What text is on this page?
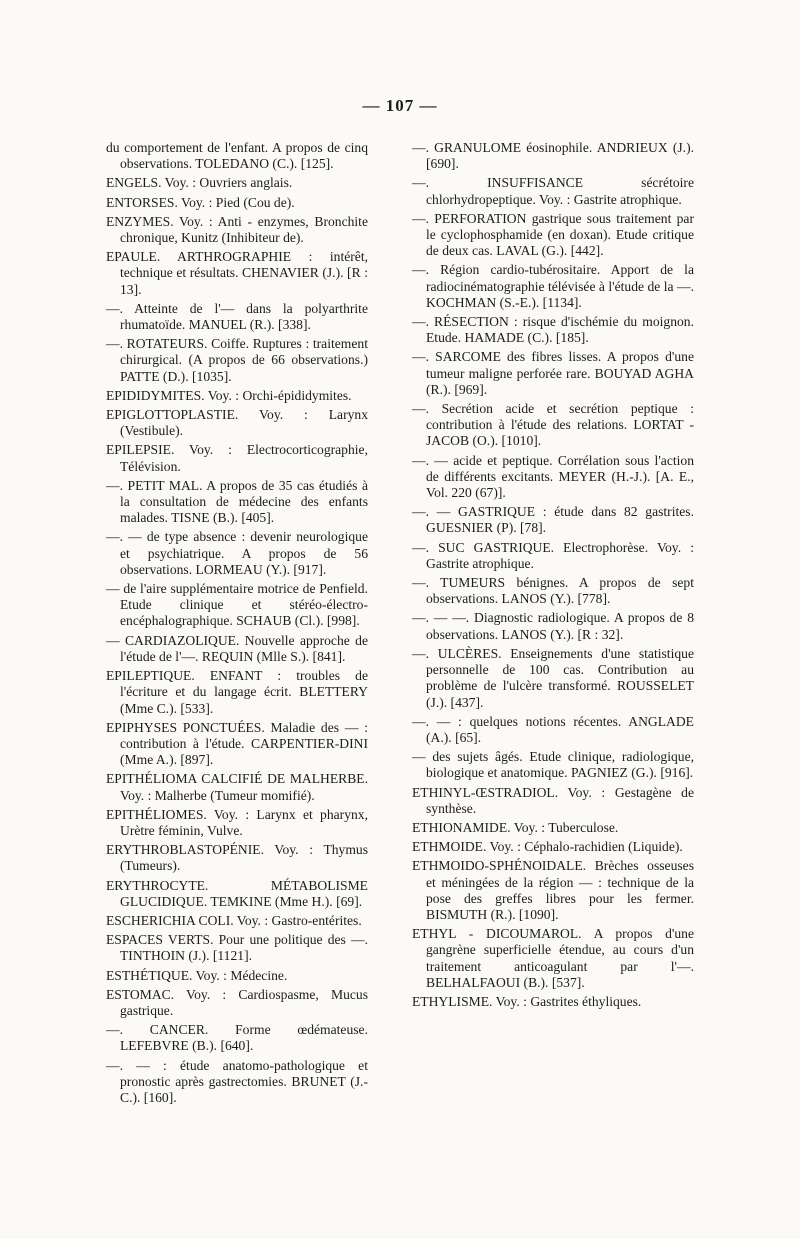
— 107 —

du comportement de l'enfant. A propos de cinq observations. TOLEDANO (C.). [125].

ENGELS. Voy. : Ouvriers anglais.

ENTORSES. Voy. : Pied (Cou de).

ENZYMES. Voy. : Anti - enzymes, Bronchite chronique, Kunitz (Inhibiteur de).

EPAULE. ARTHROGRAPHIE : intérêt, technique et résultats. CHENAVIER (J.). [R : 13].

—. Atteinte de l'— dans la polyarthrite rhumatoïde. MANUEL (R.). [338].

—. ROTATEURS. Coiffe. Ruptures : traitement chirurgical. (A propos de 66 observations.) PATTE (D.). [1035].

EPIDIDYMITES. Voy. : Orchi-épididymites.

EPIGLOTTOPLASTIE. Voy. : Larynx (Vestibule).

EPILEPSIE. Voy. : Electrocorticographie, Télévision.

—. PETIT MAL. A propos de 35 cas étudiés à la consultation de médecine des enfants malades. TISNE (B.). [405].

—. — de type absence : devenir neurologique et psychiatrique. A propos de 56 observations. LORMEAU (Y.). [917].

— de l'aire supplémentaire motrice de Penfield. Etude clinique et stéréo-électro-encéphalographique. SCHAUB (Cl.). [998].

— CARDIAZOLIQUE. Nouvelle approche de l'étude de l'—. REQUIN (Mlle S.). [841].

EPILEPTIQUE. ENFANT : troubles de l'écriture et du langage écrit. BLETTERY (Mme C.). [533].

EPIPHYSES PONCTUÉES. Maladie des — : contribution à l'étude. CARPENTIER-DINI (Mme A.). [897].

EPITHÉLIOMA CALCIFIÉ DE MALHERBE. Voy. : Malherbe (Tumeur momifié).

EPITHÉLIOMES. Voy. : Larynx et pharynx, Urètre féminin, Vulve.

ERYTHROBLASTOPÉNIE. Voy. : Thymus (Tumeurs).

ERYTHROCYTE. MÉTABOLISME GLUCIDIQUE. TEMKINE (Mme H.). [69].

ESCHERICHIA COLI. Voy. : Gastro-entérites.

ESPACES VERTS. Pour une politique des —. TINTHOIN (J.). [1121].

ESTHÉTIQUE. Voy. : Médecine.

ESTOMAC. Voy. : Cardiospasme, Mucus gastrique.

—. CANCER. Forme œdémateuse. LEFEBVRE (B.). [640].

—. — : étude anatomo-pathologique et pronostic après gastrectomies. BRUNET (J.-C.). [160].

—. GRANULOME éosinophile. ANDRIEUX (J.). [690].

—. INSUFFISANCE sécrétoire chlorhydropeptique. Voy. : Gastrite atrophique.

—. PERFORATION gastrique sous traitement par le cyclophosphamide (en doxan). Etude critique de deux cas. LAVAL (G.). [442].

—. Région cardio-tubérositaire. Apport de la radiocinématographie télévisée à l'étude de la —. KOCHMAN (S.-E.). [1134].

—. RÉSECTION : risque d'ischémie du moignon. Etude. HAMADE (C.). [185].

—. SARCOME des fibres lisses. A propos d'une tumeur maligne perforée rare. BOUYAD AGHA (R.). [969].

—. Secrétion acide et secrétion peptique : contribution à l'étude des relations. LORTAT - JACOB (O.). [1010].

—. — acide et peptique. Corrélation sous l'action de différents excitants. MEYER (H.-J.). [A. E., Vol. 220 (67)].

—. — GASTRIQUE : étude dans 82 gastrites. GUESNIER (P). [78].

—. SUC GASTRIQUE. Electrophorèse. Voy. : Gastrite atrophique.

—. TUMEURS bénignes. A propos de sept observations. LANOS (Y.). [778].

—. — —. Diagnostic radiologique. A propos de 8 observations. LANOS (Y.). [R : 32].

—. ULCÈRES. Enseignements d'une statistique personnelle de 100 cas. Contribution au problème de l'ulcère transformé. ROUSSELET (J.). [437].

—. — : quelques notions récentes. ANGLADE (A.). [65].

— des sujets âgés. Etude clinique, radiologique, biologique et anatomique. PAGNIEZ (G.). [916].

ETHINYL-ŒSTRADIOL. Voy. : Gestagène de synthèse.

ETHIONAMIDE. Voy. : Tuberculose.

ETHMOIDE. Voy. : Céphalo-rachidien (Liquide).

ETHMOIDO-SPHÉNOIDALE. Brèches osseuses et méningées de la région — : technique de la pose des greffes libres pour les fermer. BISMUTH (R.). [1090].

ETHYL - DICOUMAROL. A propos d'une gangrène superficielle étendue, au cours d'un traitement anticoagulant par l'—. BELHALFAOUI (B.). [537].

ETHYLISME. Voy. : Gastrites éthyliques.
